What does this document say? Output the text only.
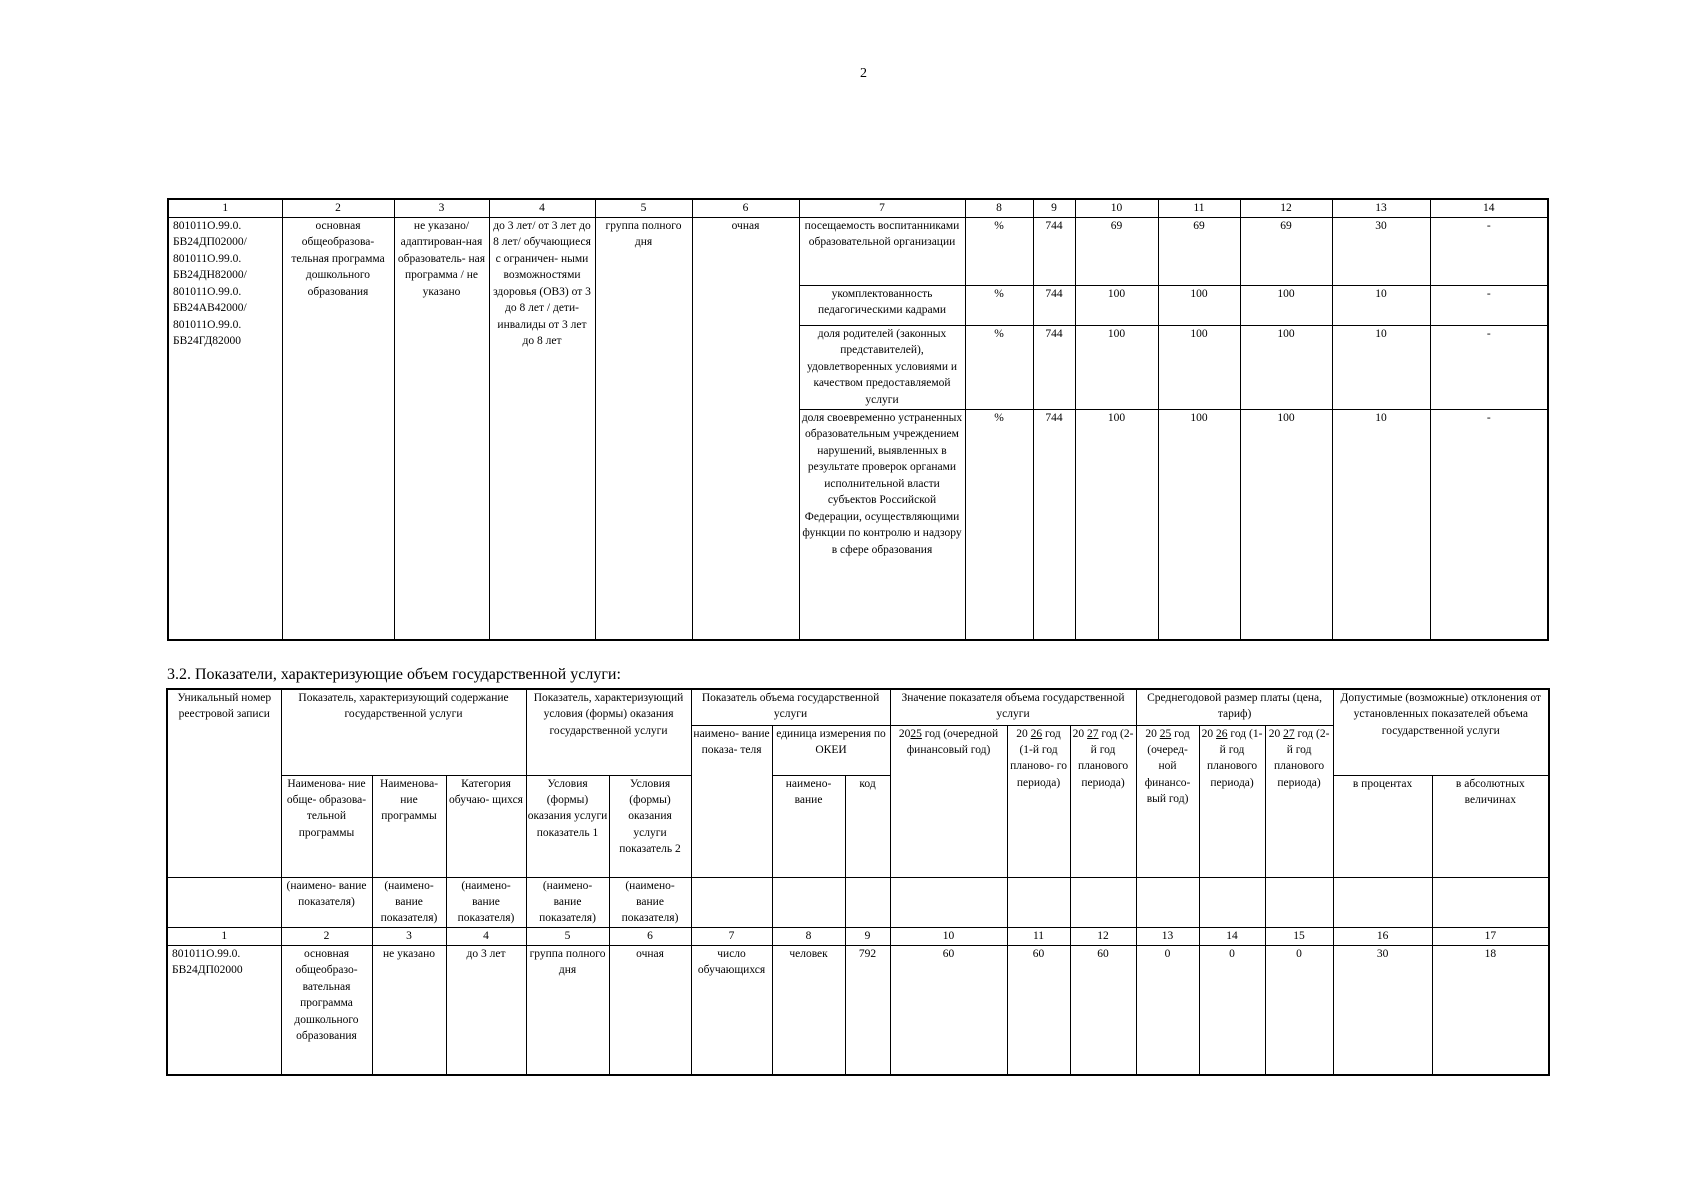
2
1	2	3	4	5	6	7	8	9	10	11	12	13	14
801011О.99.0. БВ24ДП02000/ 801011О.99.0. БВ24ДН82000/ 801011О.99.0. БВ24АВ42000/ 801011О.99.0. БВ24ГД82000	основная общеобразова- тельная программа дошкольного образования	не указано/ адаптирован-ная образователь- ная программа / не указано	до 3 лет/ от 3 лет до 8 лет/ обучающиеся с ограничен- ными возможностями здоровья (ОВЗ) от 3 до 8 лет / дети-инвалиды от 3 лет до 8 лет	группа полного дня	очная	посещаемость воспитанниками образовательной организации	%	744	69	69	69	30	-
						укомплектованность педагогическими кадрами	%	744	100	100	100	10	-
						доля родителей (законных представителей), удовлетворенных условиями и качеством предоставляемой услуги	%	744	100	100	100	10	-
						доля своевременно устраненных образовательным учреждением нарушений, выявленных в результате проверок органами исполнительной власти субъектов Российской Федерации, осуществляющими функции по контролю и надзору в сфере образования	%	744	100	100	100	10	-
3.2. Показатели, характеризующие объем государственной услуги:
Уникальный номер реестровой записи	Показатель, характеризующий содержание государственной услуги			Показатель, характеризующий условия (формы) оказания государственной услуги		Показатель объема государственной услуги			Значение показателя объема государственной услуги			Среднегодовой размер платы (цена, тариф)			Допустимые (возможные) отклонения от установленных показателей объема государственной услуги	
						наимено- вание показа- теля	единица измерения по ОКЕИ		2025 год (очередной финансовый год)	20 26 год (1-й год планово- го периода)	20 27 год (2-й год планового периода)	20 25 год (очеред- ной финансо- вый год)	20 26 год (1-й год планового периода)	20 27 год (2-й год планового периода)		
	Наименова- ние обще- образова- тельной программы	Наименова- ние программы	Категория обучаю- щихся	Условия (формы) оказания услуги показатель 1	Условия (формы) оказания услуги показатель 2		наимено- вание	код							в процентах	в абсолютных величинах
	(наимено- вание показателя)	(наимено- вание показателя)	(наимено- вание показателя)	(наимено- вание показателя)	(наимено- вание показателя)											
1	2	3	4	5	6	7	8	9	10	11	12	13	14	15	16	17
801011О.99.0. БВ24ДП02000	основная общеобразо- вательная программа дошкольного образования	не указано	до 3 лет	группа полного дня	очная	число обучающихся	человек	792	60	60	60	0	0	0	30	18
